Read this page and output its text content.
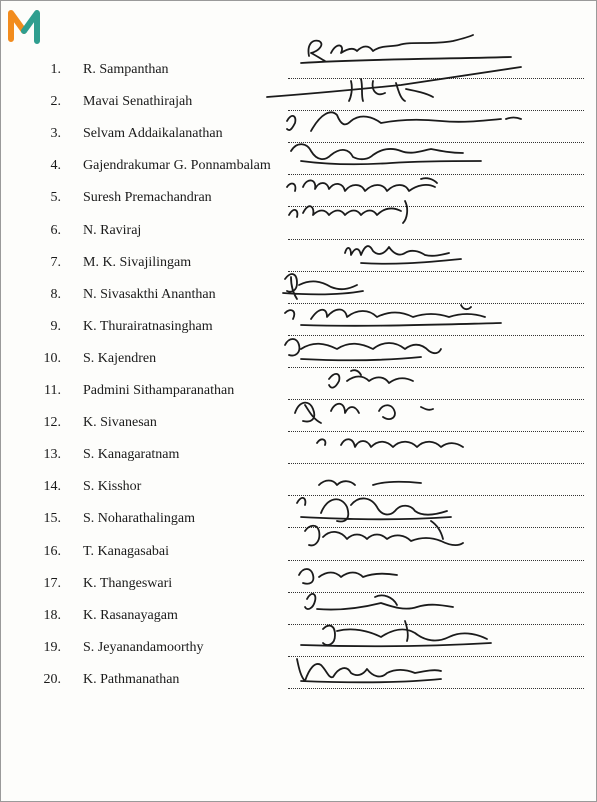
1. R. Sampanthan
2. Mavai Senathirajah
3. Selvam Addaikalanathan
4. Gajendrakumar G. Ponnambalam
5. Suresh Premachandran
6. N. Raviraj
7. M. K. Sivajilingam
8. N. Sivasakthi Ananthan
9. K. Thurairatnasingham
10. S. Kajendren
11. Padmini Sithamparanathan
12. K. Sivanesan
13. S. Kanagaratnam
14. S. Kisshor
15. S. Noharathalingam
16. T. Kanagasabai
17. K. Thangeswari
18. K. Rasanayagam
19. S. Jeyanandamoorthy
20. K. Pathmanathan
